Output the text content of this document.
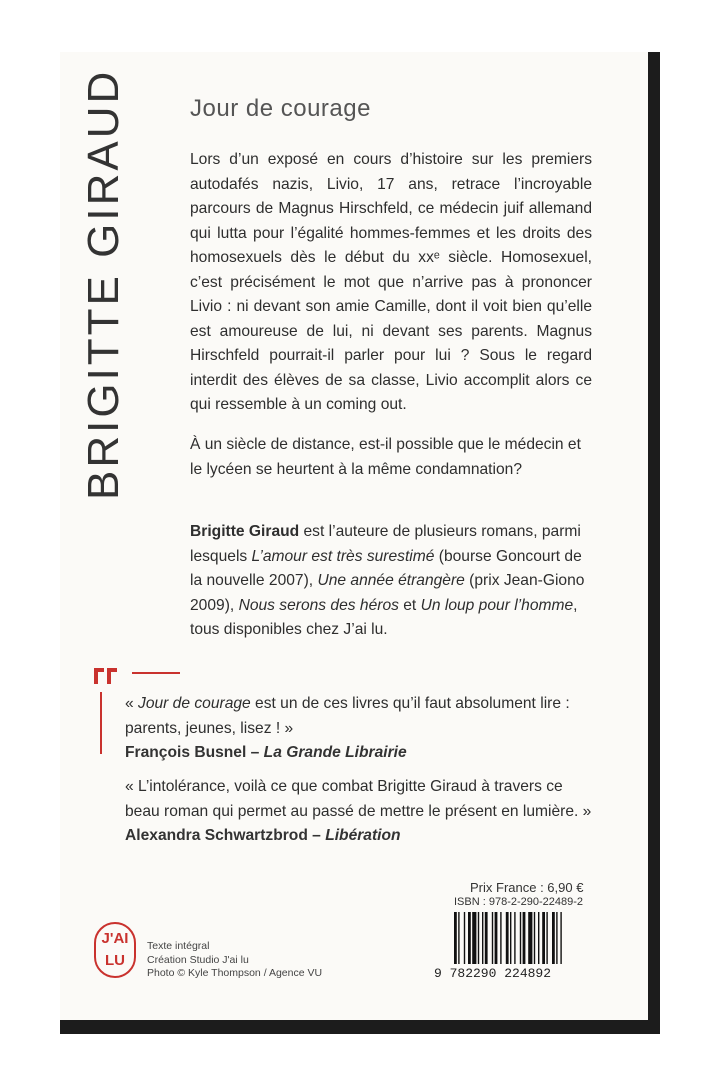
BRIGITTE GIRAUD	Jour de courage

Lors d’un exposé en cours d’histoire sur les premiers autodafés nazis, Livio, 17 ans, retrace l’incroyable parcours de Magnus Hirschfeld, ce médecin juif allemand qui lutta pour l’égalité hommes-femmes et les droits des homosexuels dès le début du xxᵉ siècle. Homosexuel, c’est précisément le mot que n’arrive pas à prononcer Livio : ni devant son amie Camille, dont il voit bien qu’elle est amoureuse de lui, ni devant ses parents. Magnus Hirschfeld pourrait-il parler pour lui ? Sous le regard interdit des élèves de sa classe, Livio accomplit alors ce qui ressemble à un coming out.

À un siècle de distance, est-il possible que le médecin et le lycéen se heurtent à la même condamnation?

Brigitte Giraud est l’auteure de plusieurs romans, parmi lesquels L’amour est très surestimé (bourse Goncourt de la nouvelle 2007), Une année étrangère (prix Jean-Giono 2009), Nous serons des héros et Un loup pour l’homme, tous disponibles chez J’ai lu.

« Jour de courage est un de ces livres qu’il faut absolument lire : parents, jeunes, lisez ! »
François Busnel – La Grande Librairie
« L’intolérance, voilà ce que combat Brigitte Giraud à travers ce beau roman qui permet au passé de mettre le présent en lumière. »
Alexandra Schwartzbrod – Libération
J'AI
LU
Texte intégral
Création Studio J'ai lu
Photo © Kyle Thompson / Agence VU
Prix France : 6,90 €
ISBN : 978-2-290-22489-2
9 782290 224892
